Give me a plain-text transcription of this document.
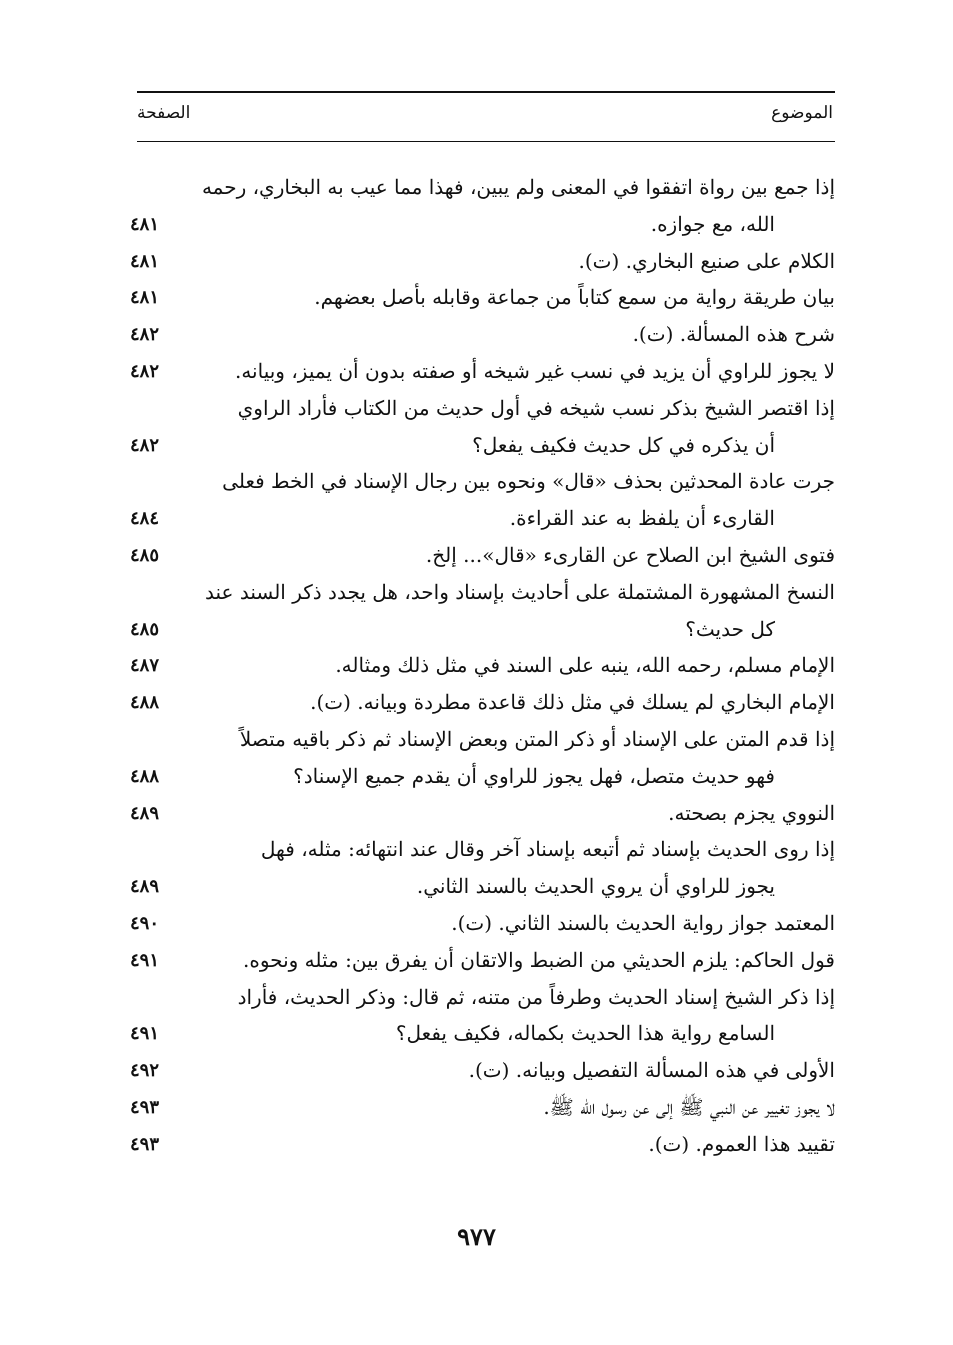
الموضوع
الصفحة
إذا جمع بين رواة اتفقوا في المعنى ولم يبين، فهذا مما عيب به البخاري، رحمه
الله، مع جوازه.
٤٨١
الكلام على صنيع البخاري. (ت).
٤٨١
بيان طريقة رواية من سمع كتاباً من جماعة وقابله بأصل بعضهم.
٤٨١
شرح هذه المسألة. (ت).
٤٨٢
لا يجوز للراوي أن يزيد في نسب غير شيخه أو صفته بدون أن يميز، وبيانه.
٤٨٢
إذا اقتصر الشيخ بذكر نسب شيخه في أول حديث من الكتاب فأراد الراوي
أن يذكره في كل حديث فكيف يفعل؟
٤٨٢
جرت عادة المحدثين بحذف «قال» ونحوه بين رجال الإسناد في الخط فعلى
القارىء أن يلفظ به عند القراءة.
٤٨٤
فتوى الشيخ ابن الصلاح عن القارىء «قال»... إلخ.
٤٨٥
النسخ المشهورة المشتملة على أحاديث بإسناد واحد، هل يجدد ذكر السند عند
كل حديث؟
٤٨٥
الإمام مسلم، رحمه الله، ينبه على السند في مثل ذلك ومثاله.
٤٨٧
الإمام البخاري لم يسلك في مثل ذلك قاعدة مطردة وبيانه. (ت).
٤٨٨
إذا قدم المتن على الإسناد أو ذكر المتن وبعض الإسناد ثم ذكر باقيه متصلاً
فهو حديث متصل، فهل يجوز للراوي أن يقدم جميع الإسناد؟
٤٨٨
النووي يجزم بصحته.
٤٨٩
إذا روى الحديث بإسناد ثم أتبعه بإسناد آخر وقال عند انتهائه: مثله، فهل
يجوز للراوي أن يروي الحديث بالسند الثاني.
٤٨٩
المعتمد جواز رواية الحديث بالسند الثاني. (ت).
٤٩٠
قول الحاكم: يلزم الحديثي من الضبط والاتقان أن يفرق بين: مثله ونحوه.
٤٩١
إذا ذكر الشيخ إسناد الحديث وطرفاً من متنه، ثم قال: وذكر الحديث، فأراد
السامع رواية هذا الحديث بكماله، فكيف يفعل؟
٤٩١
الأولى في هذه المسألة التفصيل وبيانه. (ت).
٤٩٢
لا يجوز تغيير عن النبي ﷺ إلى عن رسول الله ﷺ.
٤٩٣
تقييد هذا العموم. (ت).
٤٩٣
٩٧٧
